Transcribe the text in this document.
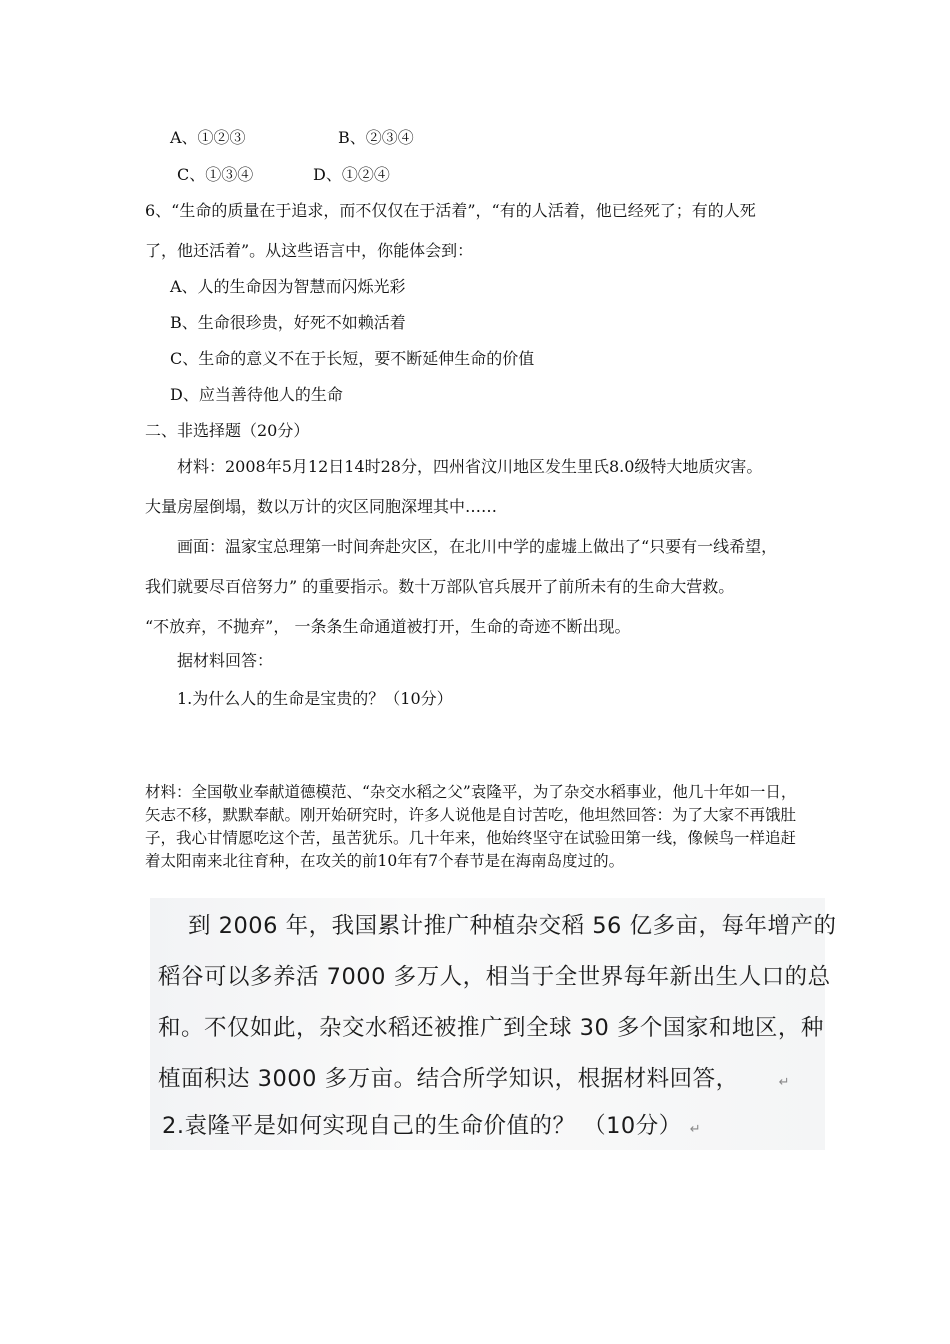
A、①②③	B、②③④
C、①③④	D、①②④
6、“生命的质量在于追求，而不仅仅在于活着”，“有的人活着，他已经死了；有的人死
了，他还活着”。从这些语言中，你能体会到：
A、人的生命因为智慧而闪烁光彩
B、生命很珍贵，好死不如赖活着
C、生命的意义不在于长短，要不断延伸生命的价值
D、应当善待他人的生命
二、非选择题（20分）
材料：2008年5月12日14时28分，四州省汶川地区发生里氏8.0级特大地质灾害。
大量房屋倒塌，数以万计的灾区同胞深埋其中……
画面：温家宝总理第一时间奔赴灾区，在北川中学的虚墟上做出了“只要有一线希望，
我们就要尽百倍努力” 的重要指示。数十万部队官兵展开了前所未有的生命大营救。
“不放弃，不抛弃”， 一条条生命通道被打开，生命的奇迹不断出现。
据材料回答：
1.为什么人的生命是宝贵的？（10分）
材料：全国敬业奉献道德模范、“杂交水稻之父”袁隆平，为了杂交水稻事业，他几十年如一日，矢志不移，默默奉献。刚开始研究时，许多人说他是自讨苦吃，他坦然回答：为了大家不再饿肚子，我心甘情愿吃这个苦，虽苦犹乐。几十年来，他始终坚守在试验田第一线，像候鸟一样追赶着太阳南来北往育种，在攻关的前10年有7个春节是在海南岛度过的。
到 2006 年，我国累计推广种植杂交稻 56 亿多亩，每年增产的
稻谷可以多养活 7000 多万人，相当于全世界每年新出生人口的总
和。不仅如此，杂交水稻还被推广到全球 30 多个国家和地区，种
植面积达 3000 多万亩。结合所学知识，根据材料回答，	↵
2.袁隆平是如何实现自己的生命价值的？ （10分） ↵
